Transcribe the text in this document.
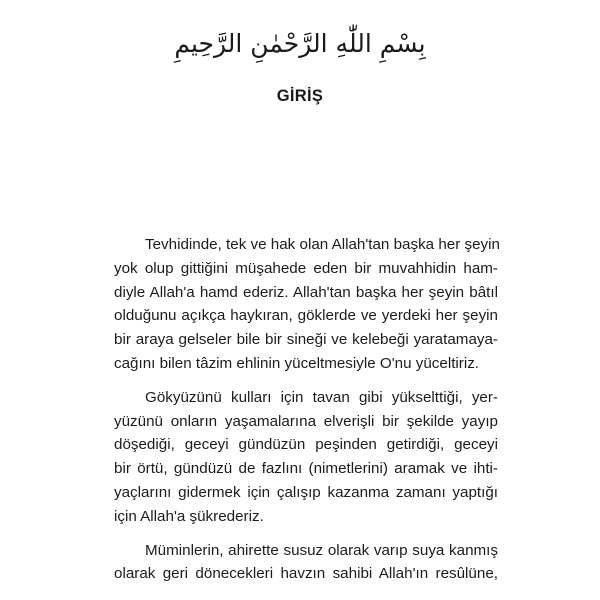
بِسْمِ اللّٰهِ الرَّحْمٰنِ الرَّحِيمِ
GİRİŞ
Tevhidinde, tek ve hak olan Allah'tan başka her şeyin
yok olup gittiğini müşahede eden bir muvahhidin ham-
diyle Allah'a hamd ederiz. Allah'tan başka her şeyin bâtıl
olduğunu açıkça haykıran, göklerde ve yerdeki her şeyin
bir araya gelseler bile bir sineği ve kelebeği yaratamaya-
cağını bilen tâzim ehlinin yüceltmesiyle O'nu yüceltiriz.
Gökyüzünü kulları için tavan gibi yükselttiği, yer-
yüzünü onların yaşamalarına elverişli bir şekilde yayıp
döşediği, geceyi gündüzün peşinden getirdiği, geceyi
bir örtü, gündüzü de fazlını (nimetlerini) aramak ve ihti-
yaçlarını gidermek için çalışıp kazanma zamanı yaptığı
için Allah'a şükrederiz.
Müminlerin, ahirette susuz olarak varıp suya kanmış
olarak geri dönecekleri havzın sahibi Allah'ın resûlüne,
